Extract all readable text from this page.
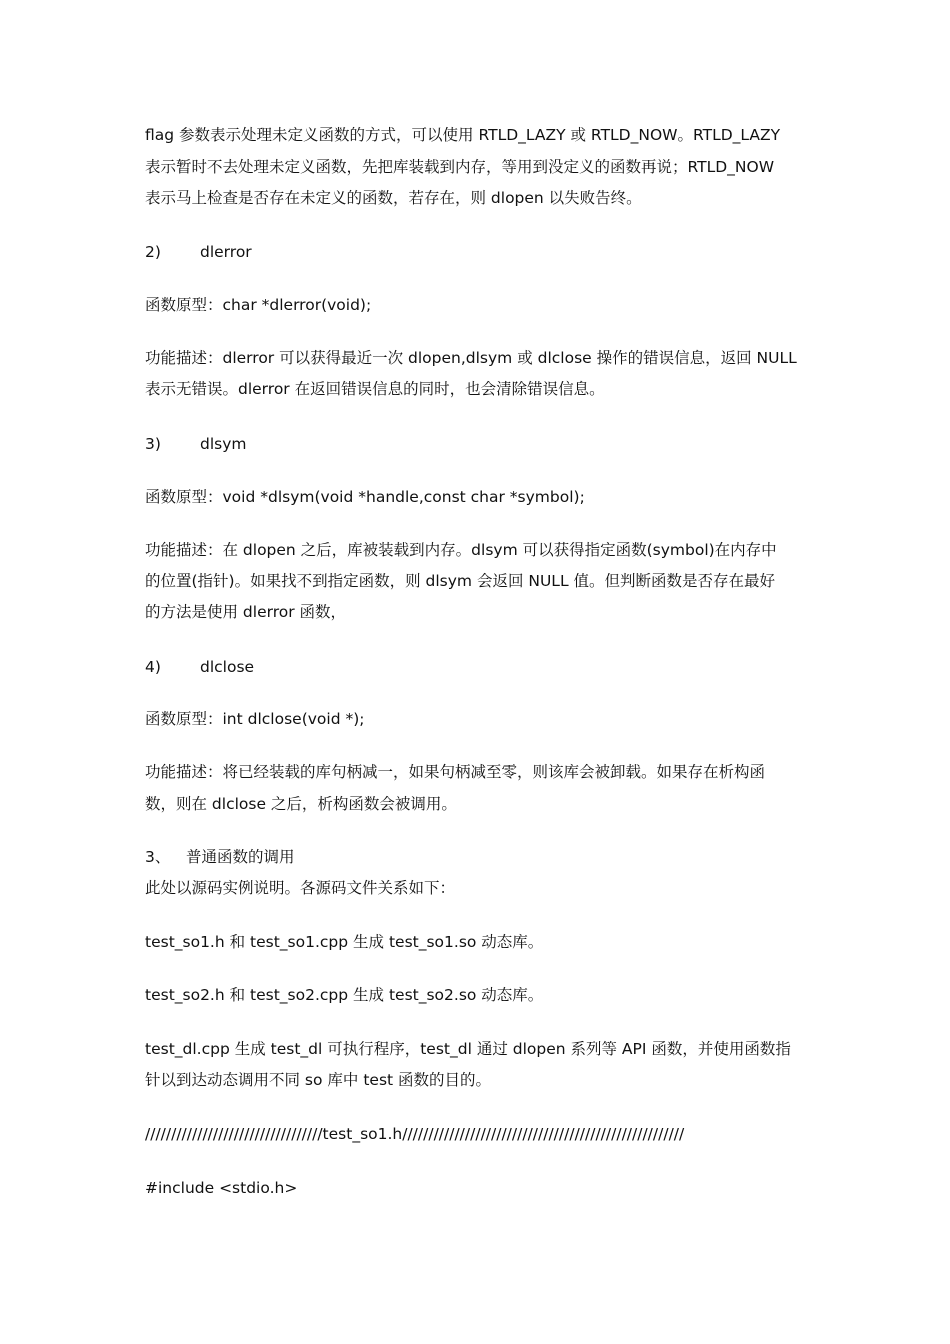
flag 参数表示处理未定义函数的方式，可以使用 RTLD_LAZY 或 RTLD_NOW。RTLD_LAZY
表示暂时不去处理未定义函数，先把库装载到内存，等用到没定义的函数再说；RTLD_NOW
表示马上检查是否存在未定义的函数，若存在，则 dlopen 以失败告终。
2)	dlerror
函数原型：char *dlerror(void);
功能描述：dlerror 可以获得最近一次 dlopen,dlsym 或 dlclose 操作的错误信息，返回 NULL
表示无错误。dlerror 在返回错误信息的同时，也会清除错误信息。
3)	dlsym
函数原型：void *dlsym(void *handle,const char *symbol);
功能描述：在 dlopen 之后，库被装载到内存。dlsym 可以获得指定函数(symbol)在内存中
的位置(指针)。如果找不到指定函数，则 dlsym 会返回 NULL 值。但判断函数是否存在最好
的方法是使用 dlerror 函数，
4)	dlclose
函数原型：int dlclose(void *);
功能描述：将已经装载的库句柄减一，如果句柄减至零，则该库会被卸载。如果存在析构函
数，则在 dlclose 之后，析构函数会被调用。
3、 普通函数的调用
此处以源码实例说明。各源码文件关系如下：
test_so1.h 和 test_so1.cpp 生成 test_so1.so 动态库。
test_so2.h 和 test_so2.cpp 生成 test_so2.so 动态库。
test_dl.cpp 生成 test_dl 可执行程序，test_dl 通过 dlopen 系列等 API 函数，并使用函数指
针以到达动态调用不同 so 库中 test 函数的目的。
//////////////////////////////////test_so1.h//////////////////////////////////////////////////////
#include <stdio.h>
